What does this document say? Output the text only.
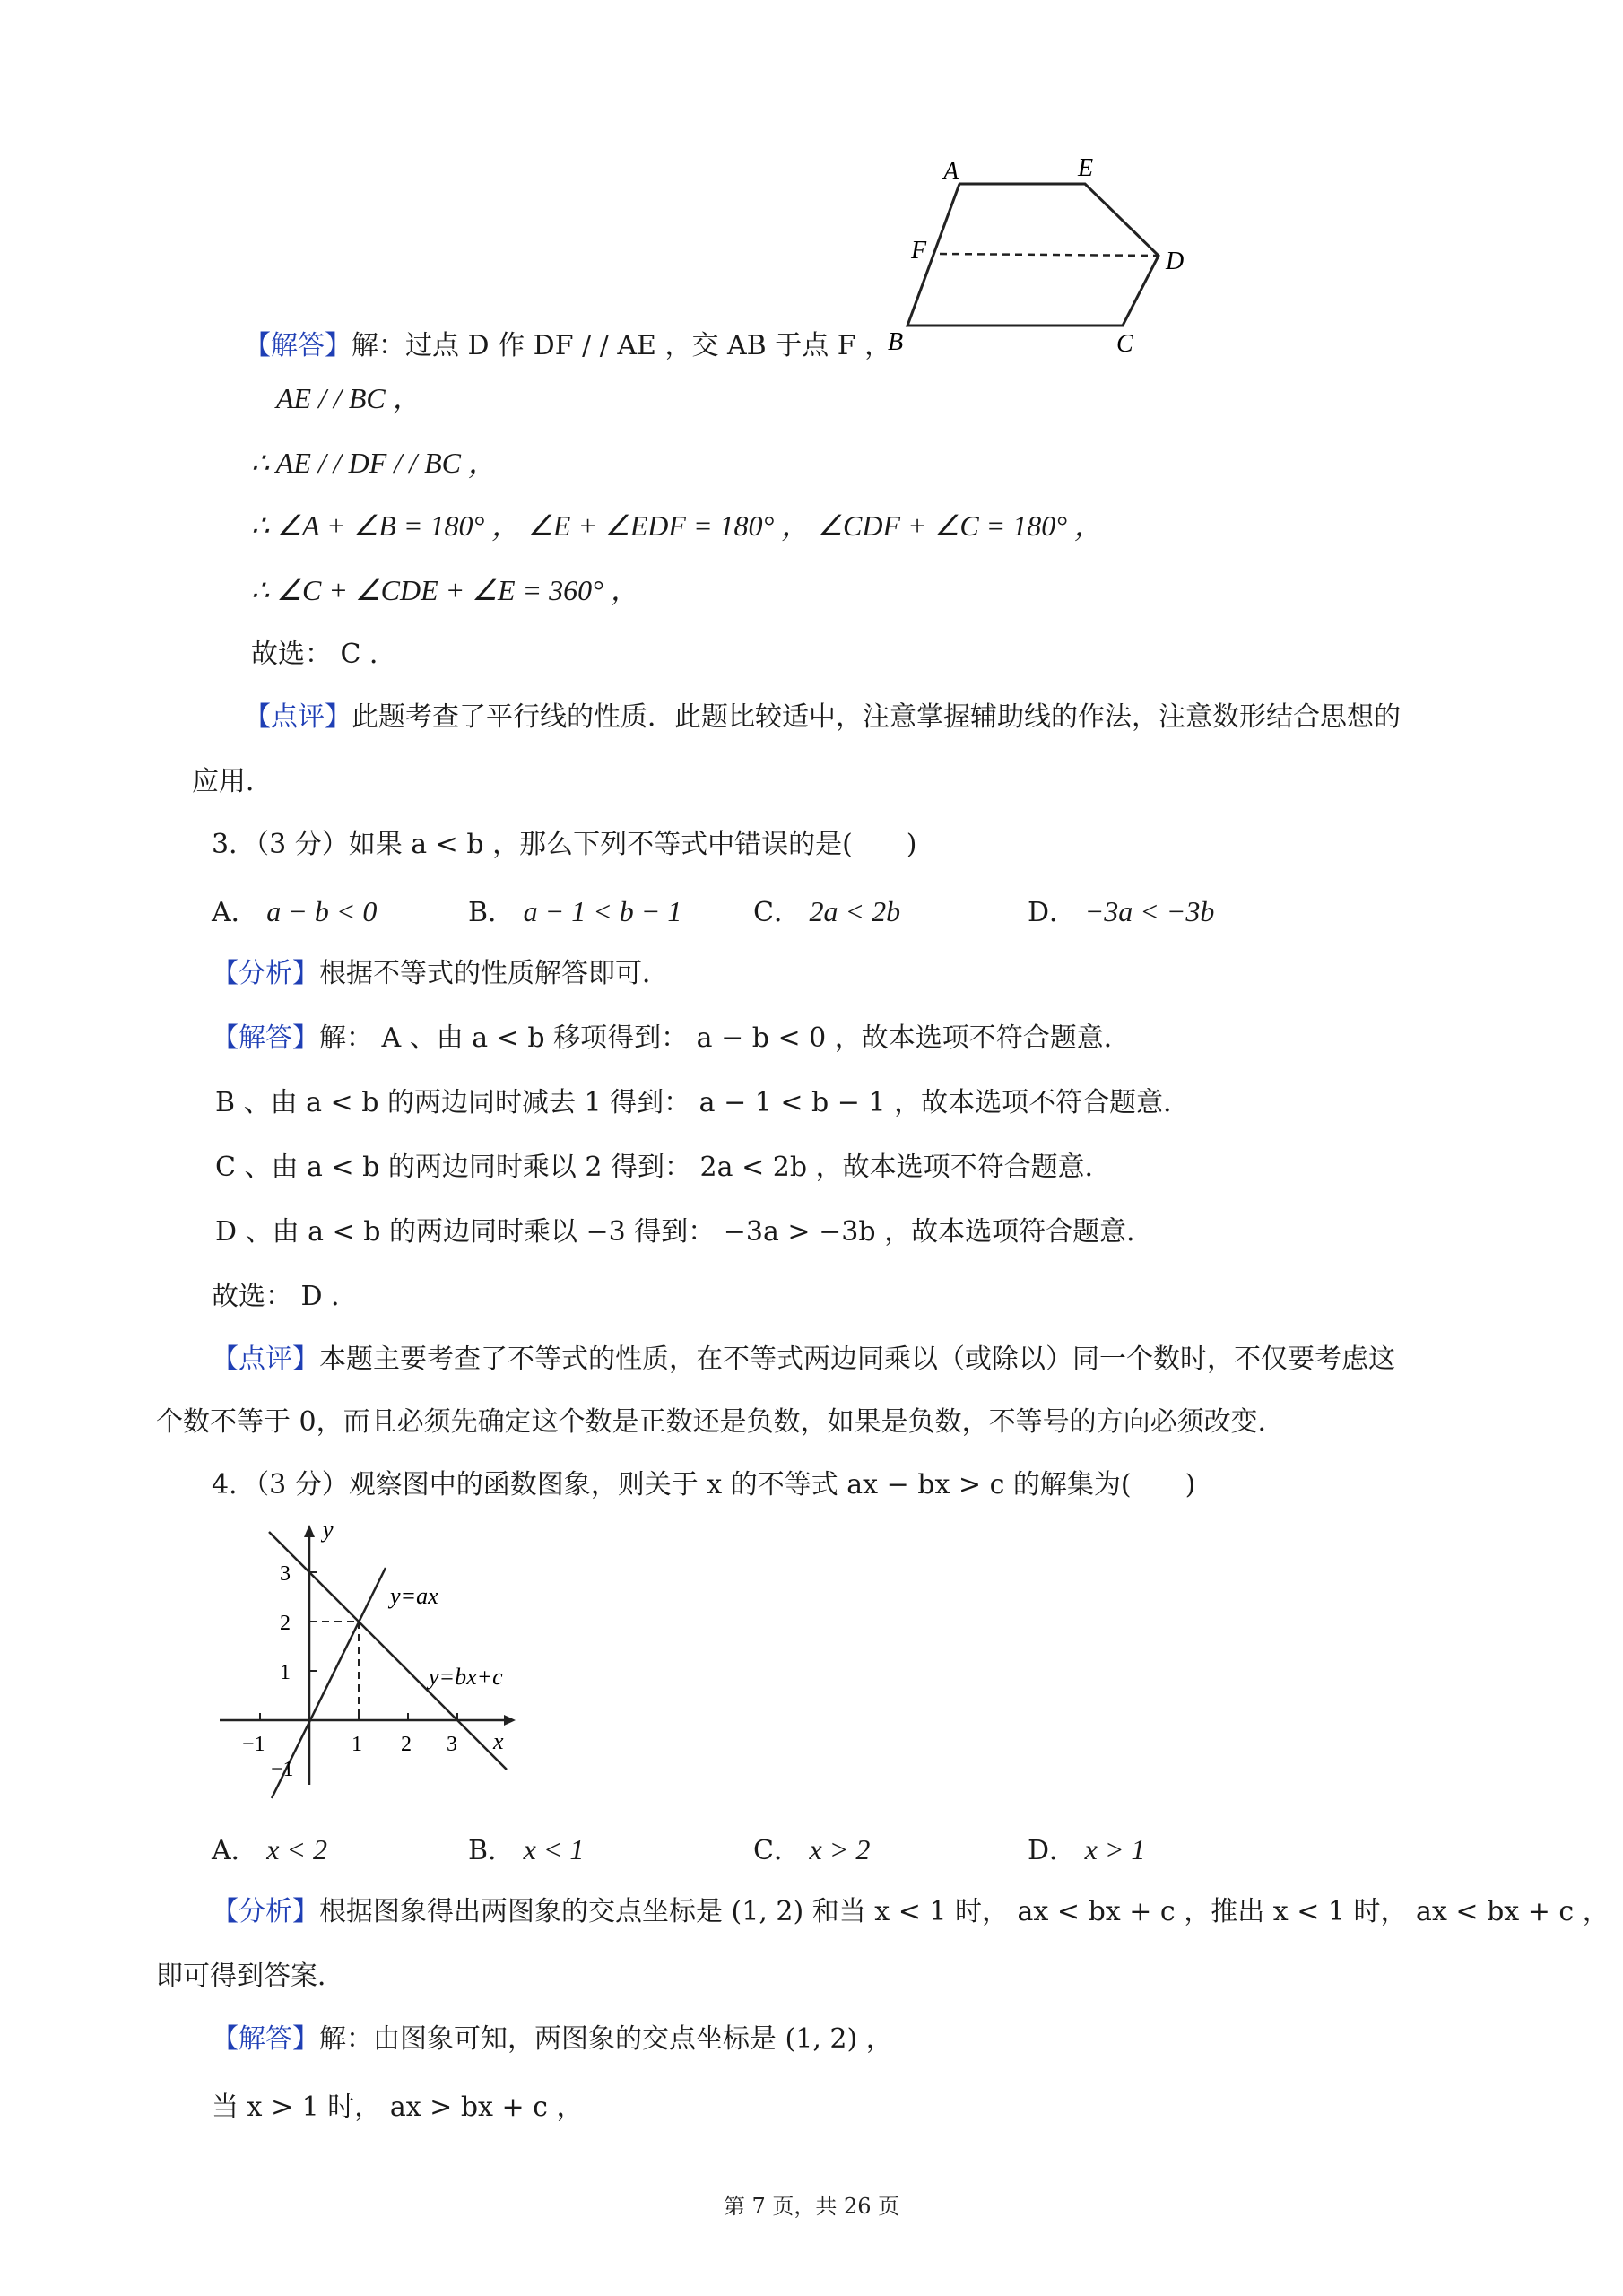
A	E
F	D
B	C
【解答】解：过点 D 作 DF / / AE ，交 AB 于点 F ，
AE / / BC ，
∴ AE / / DF / / BC ，
∴ ∠A + ∠B = 180° ， ∠E + ∠EDF = 180° ， ∠CDF + ∠C = 180° ，
∴ ∠C + ∠CDE + ∠E = 360° ，
故选： C ．
【点评】此题考查了平行线的性质．此题比较适中，注意掌握辅助线的作法，注意数形结合思想的
应用．
3．（3 分）如果 a < b ，那么下列不等式中错误的是(　　)
A． a − b < 0	B． a − 1 < b − 1	C． 2a < 2b	D． −3a < −3b
【分析】根据不等式的性质解答即可．
【解答】解： A 、由 a < b 移项得到： a − b < 0 ，故本选项不符合题意．
B 、由 a < b 的两边同时减去 1 得到： a − 1 < b − 1 ，故本选项不符合题意．
C 、由 a < b 的两边同时乘以 2 得到： 2a < 2b ，故本选项不符合题意．
D 、由 a < b 的两边同时乘以 −3 得到： −3a > −3b ，故本选项符合题意．
故选： D ．
【点评】本题主要考查了不等式的性质，在不等式两边同乘以（或除以）同一个数时，不仅要考虑这
个数不等于 0，而且必须先确定这个数是正数还是负数，如果是负数，不等号的方向必须改变．
4．（3 分）观察图中的函数图象，则关于 x 的不等式 ax − bx > c 的解集为(　　)
y
x
y=ax
y=bx+c
3
2
1
−1	1 2 3
−1
A． x < 2	B． x < 1	C． x > 2	D． x > 1
【分析】根据图象得出两图象的交点坐标是 (1, 2) 和当 x < 1 时， ax < bx + c ，推出 x < 1 时， ax < bx + c ，
即可得到答案．
【解答】解：由图象可知，两图象的交点坐标是 (1, 2) ，
当 x > 1 时， ax > bx + c ，
第 7 页，共 26 页
